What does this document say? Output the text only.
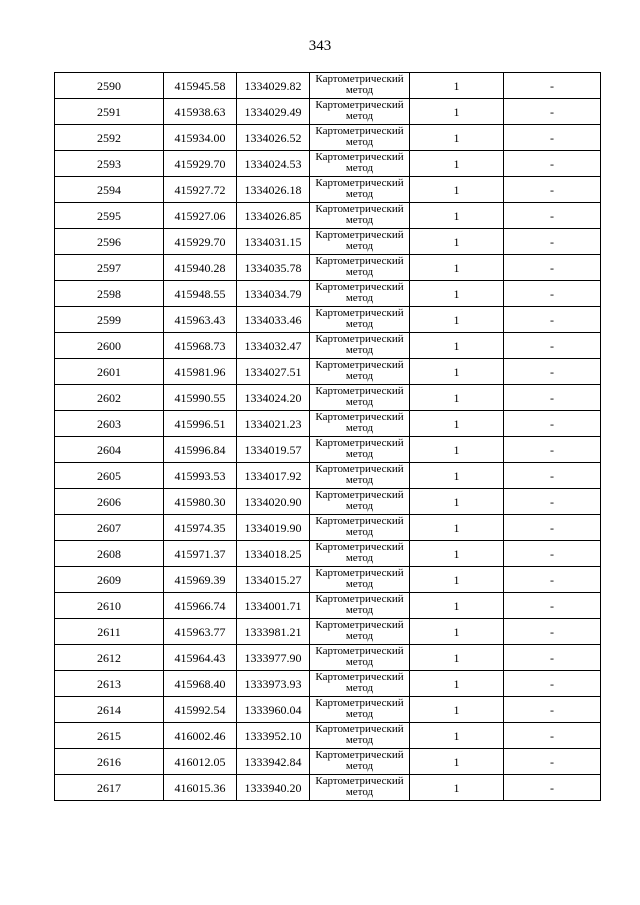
343
2590	415945.58	1334029.82	Картометрический метод	1	-
2591	415938.63	1334029.49	Картометрический метод	1	-
2592	415934.00	1334026.52	Картометрический метод	1	-
2593	415929.70	1334024.53	Картометрический метод	1	-
2594	415927.72	1334026.18	Картометрический метод	1	-
2595	415927.06	1334026.85	Картометрический метод	1	-
2596	415929.70	1334031.15	Картометрический метод	1	-
2597	415940.28	1334035.78	Картометрический метод	1	-
2598	415948.55	1334034.79	Картометрический метод	1	-
2599	415963.43	1334033.46	Картометрический метод	1	-
2600	415968.73	1334032.47	Картометрический метод	1	-
2601	415981.96	1334027.51	Картометрический метод	1	-
2602	415990.55	1334024.20	Картометрический метод	1	-
2603	415996.51	1334021.23	Картометрический метод	1	-
2604	415996.84	1334019.57	Картометрический метод	1	-
2605	415993.53	1334017.92	Картометрический метод	1	-
2606	415980.30	1334020.90	Картометрический метод	1	-
2607	415974.35	1334019.90	Картометрический метод	1	-
2608	415971.37	1334018.25	Картометрический метод	1	-
2609	415969.39	1334015.27	Картометрический метод	1	-
2610	415966.74	1334001.71	Картометрический метод	1	-
2611	415963.77	1333981.21	Картометрический метод	1	-
2612	415964.43	1333977.90	Картометрический метод	1	-
2613	415968.40	1333973.93	Картометрический метод	1	-
2614	415992.54	1333960.04	Картометрический метод	1	-
2615	416002.46	1333952.10	Картометрический метод	1	-
2616	416012.05	1333942.84	Картометрический метод	1	-
2617	416015.36	1333940.20	Картометрический метод	1	-
